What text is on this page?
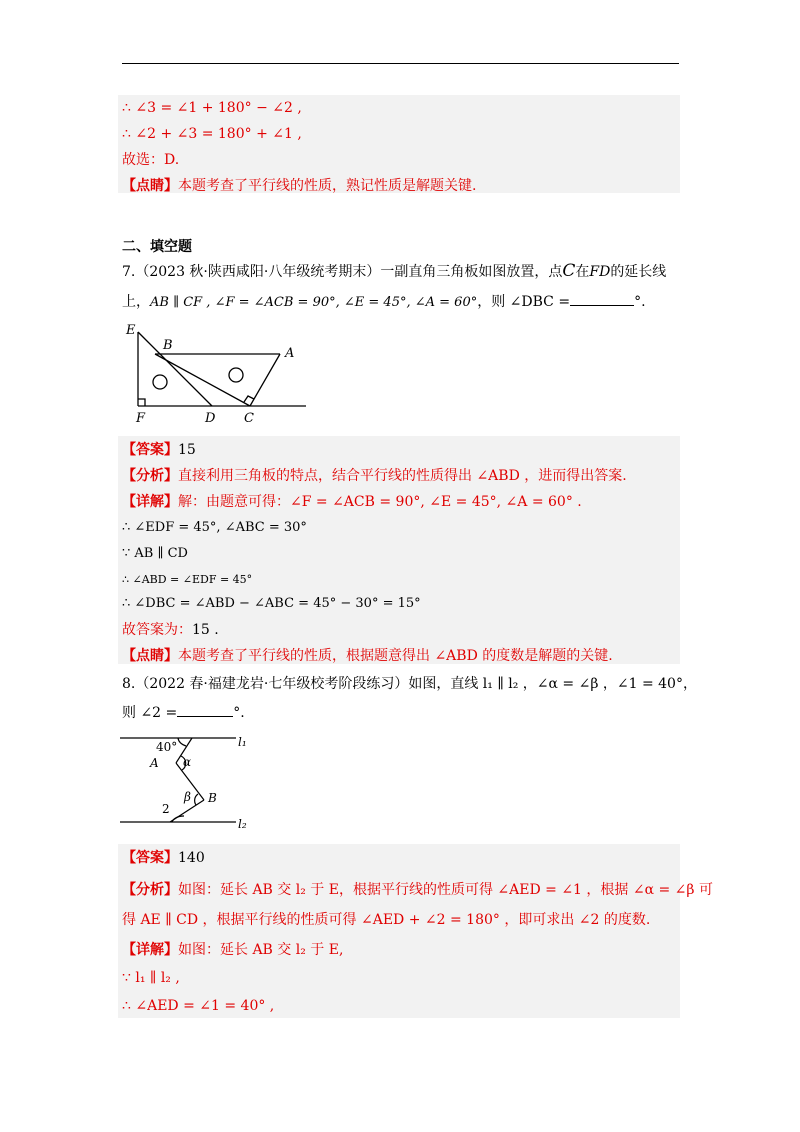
∴ ∠3 = ∠1 + 180° − ∠2 ,
∴ ∠2 + ∠3 = 180° + ∠1 ,
故选：D.
【点睛】本题考查了平行线的性质，熟记性质是解题关键.
二、填空题
7.（2023 秋·陕西咸阳·八年级统考期末）一副直角三角板如图放置，点C在FD的延长线
上，AB ∥ CF , ∠F = ∠ACB = 90°, ∠E = 45°, ∠A = 60°，则 ∠DBC =	°.
E
B
A
F	D C
【答案】15
【分析】直接利用三角板的特点，结合平行线的性质得出 ∠ABD ，进而得出答案.
【详解】解：由题意可得：∠F = ∠ACB = 90°, ∠E = 45°, ∠A = 60° .
∴ ∠EDF = 45°, ∠ABC = 30°
∵ AB ∥ CD
∴ ∠ABD = ∠EDF = 45°
∴ ∠DBC = ∠ABD − ∠ABC = 45° − 30° = 15°
故答案为：15 .
【点睛】本题考查了平行线的性质，根据题意得出 ∠ABD 的度数是解题的关键.
8.（2022 春·福建龙岩·七年级校考阶段练习）如图，直线 l₁ ∥ l₂ ，∠α = ∠β ，∠1 = 40°，
则 ∠2 =	°.
40°
A α
β B
2
l₁
l₂
【答案】140
【分析】如图：延长 AB 交 l₂ 于 E，根据平行线的性质可得 ∠AED = ∠1 ，根据 ∠α = ∠β 可
得 AE ∥ CD ，根据平行线的性质可得 ∠AED + ∠2 = 180° ，即可求出 ∠2 的度数.
【详解】如图：延长 AB 交 l₂ 于 E,
∵ l₁ ∥ l₂ ,
∴ ∠AED = ∠1 = 40° ,
